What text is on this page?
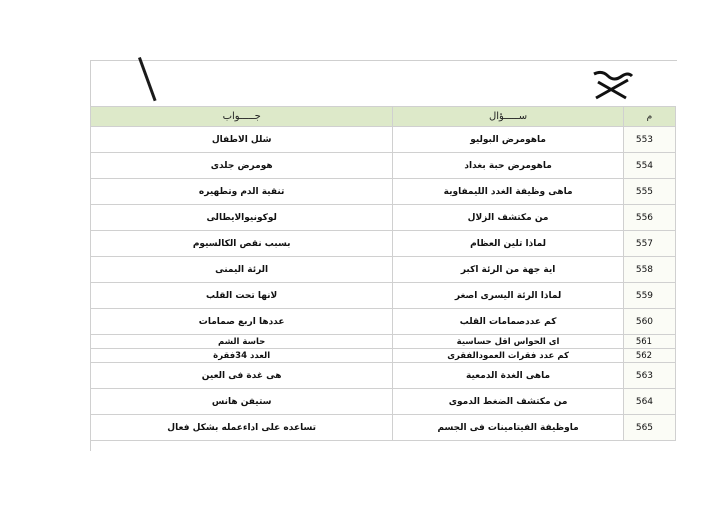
م	ســـــؤال	جـــــواب
553	ماهومرض البوليو	شلل الاطفال
554	ماهومرض حبة بغداد	هومرض جلدى
555	ماهى وظيفة الغدد الليمفاوية	تنقية الدم وتطهيره
556	من مكتشف الزلال	لوكونيوالايطالى
557	لماذا تلين العظام	بسبب نقص الكالسيوم
558	اية جهة من الرئة اكبر	الرئة اليمنى
559	لماذا الرئة اليسرى اصغر	لانها تحت القلب
560	كم عددصمامات القلب	عددها اربع صمامات
561	اى الحواس اقل حساسية	حاسة الشم
562	كم عدد فقرات العمودالفقرى	العدد 34فقرة
563	ماهى الغدة الدمعية	هى غدة فى العين
564	من مكتشف الضغط الدموى	ستيفن هانس
565	ماوظيفة الفيتامينات فى الجسم	تساعده على اداءعمله بشكل فعال
